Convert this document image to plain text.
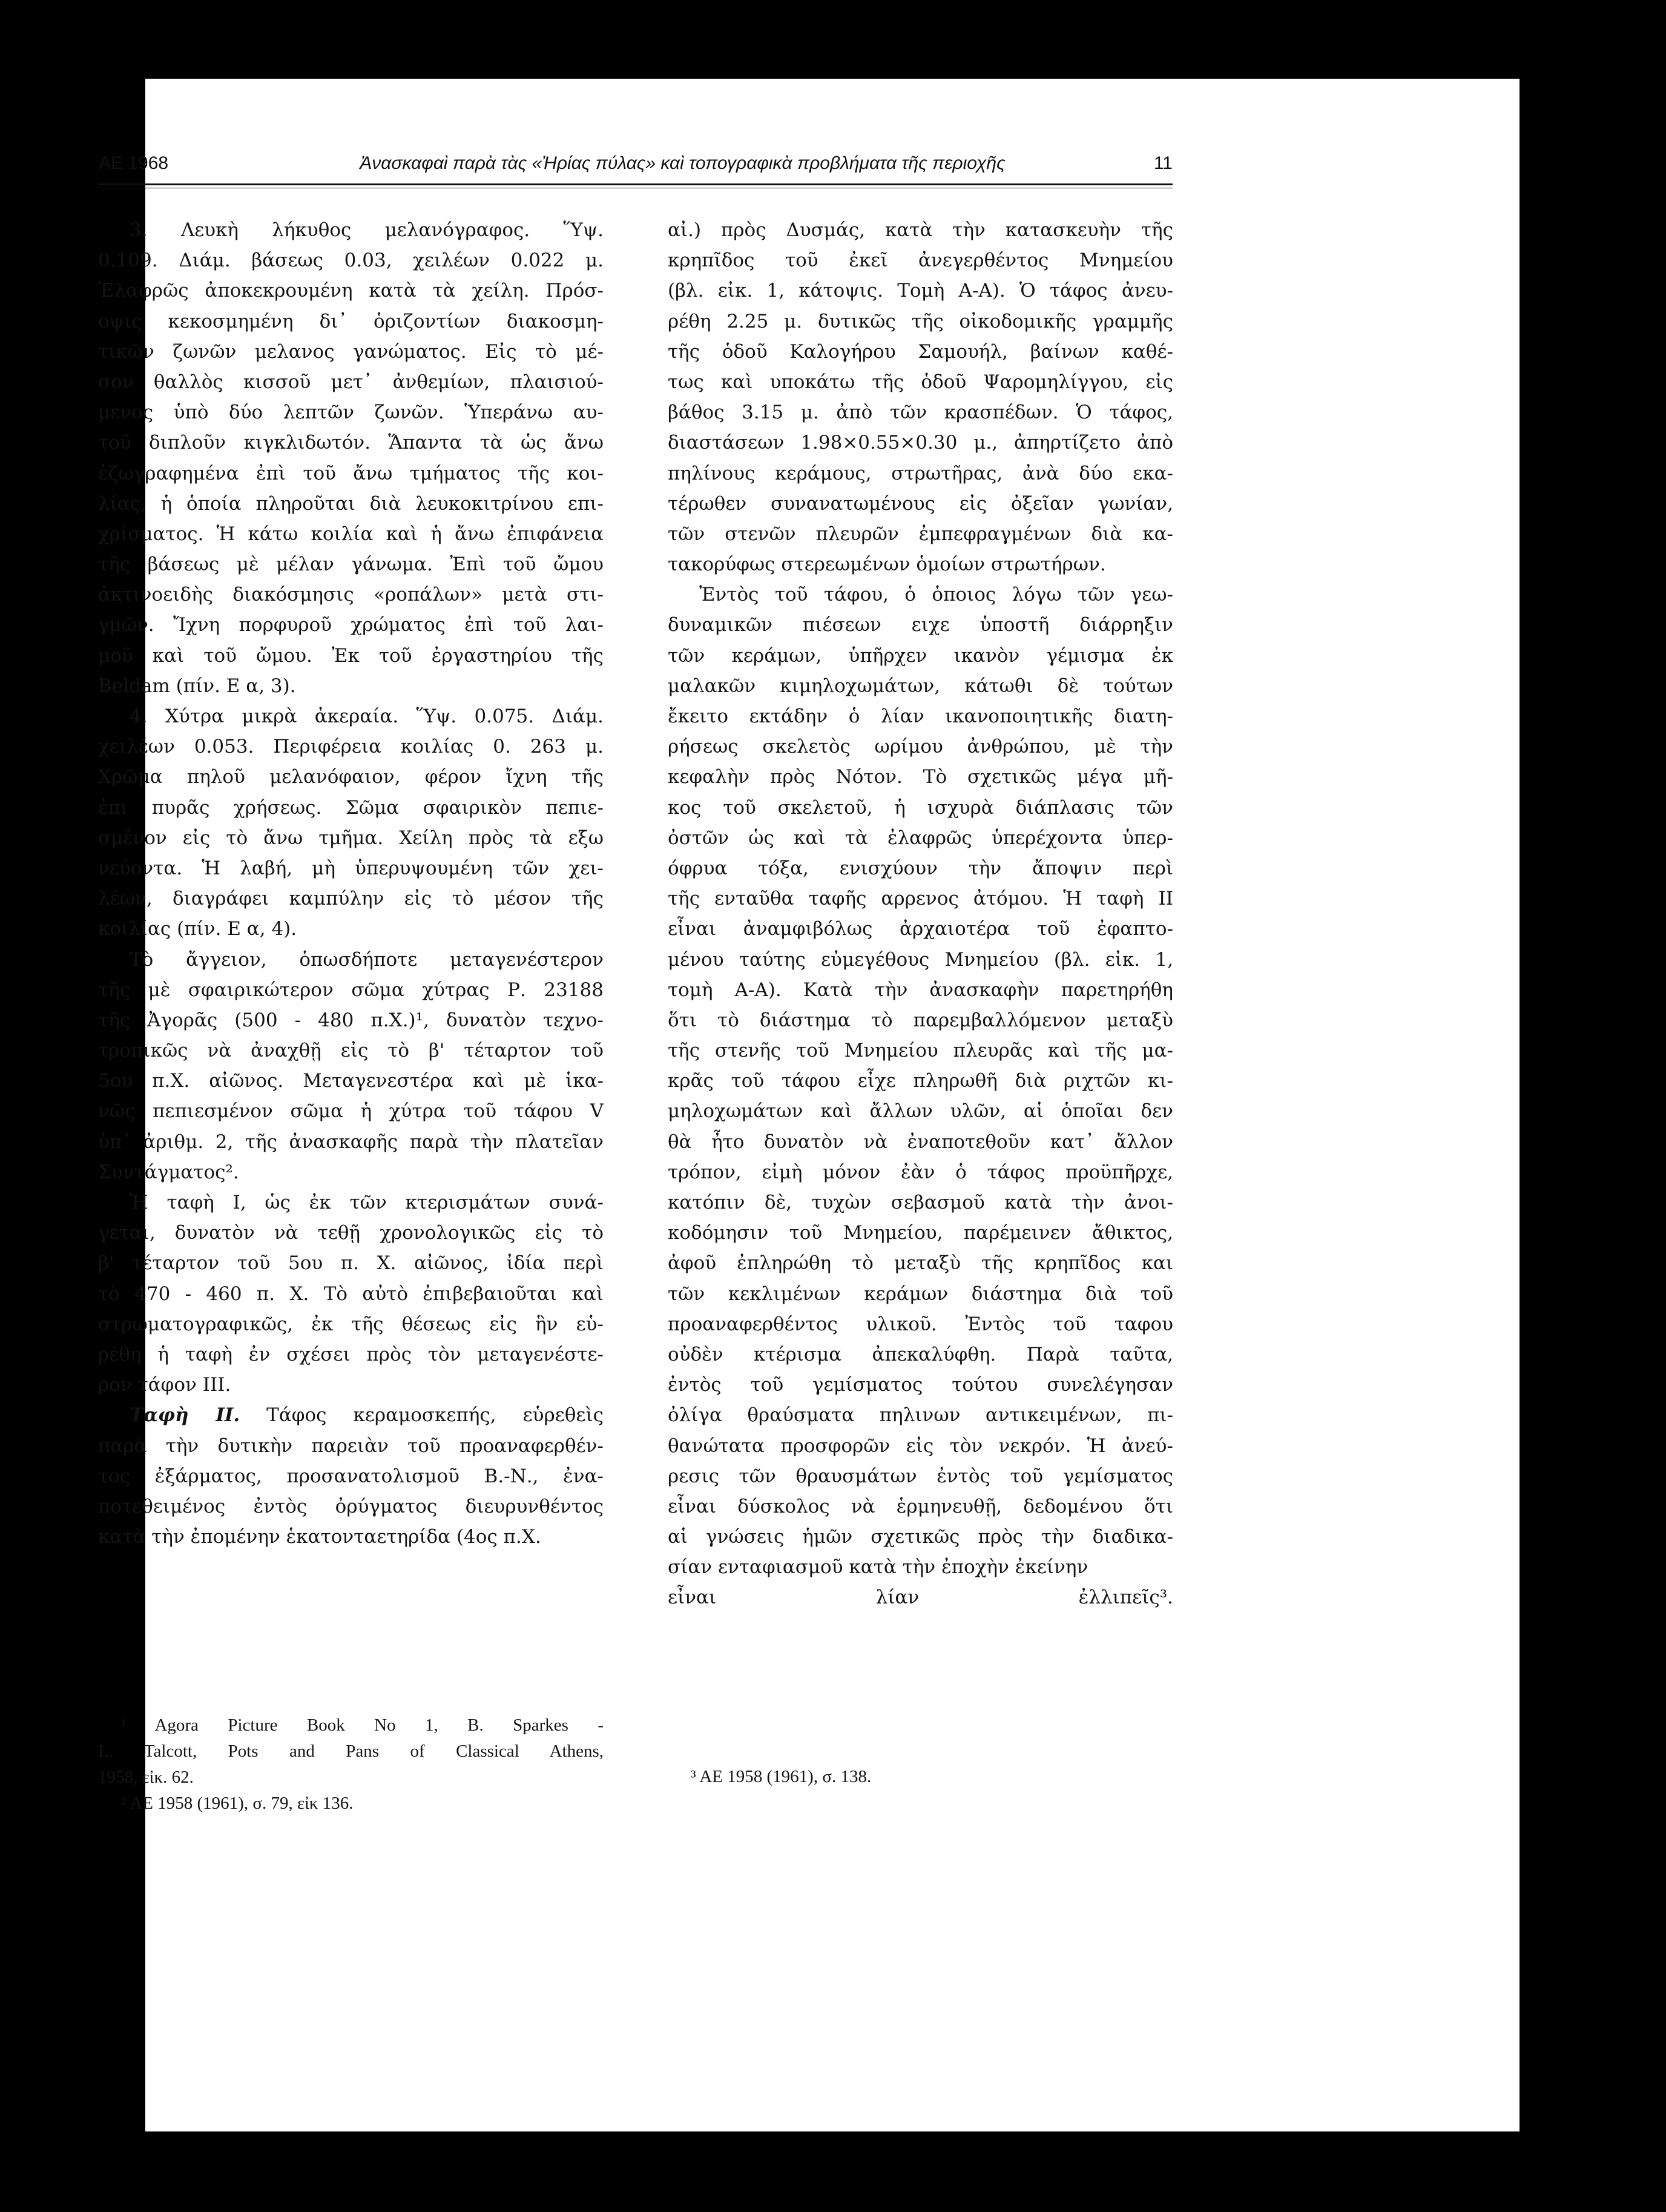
ΑΕ 1968	Ἀνασκαφαὶ παρὰ τὰς «Ἠρίας πύλας» καὶ τοπογραφικὰ προβλήματα τῆς περιοχῆς	11
3. Λευκὴ λήκυθος μελανόγραφος. Ὕψ.
0.109. Διάμ. βάσεως 0.03, χειλέων 0.022 μ.
Ἐλαφρῶς ἀποκεκρουμένη κατὰ τὰ χείλη. Πρόσ-
οψις κεκοσμημένη δι᾿ ὁριζοντίων διακοσμη-
τικῶν ζωνῶν μελανος γανώματος. Εἰς τὸ μέ-
σον θαλλὸς κισσοῦ μετ᾿ ἀνθεμίων, πλαισιού-
μενος ὑπὸ δύο λεπτῶν ζωνῶν. Ὑπεράνω αυ-
τοῦ διπλοῦν κιγκλιδωτόν. Ἅπαντα τὰ ὡς ἄνω
ἐζωγραφημένα ἐπὶ τοῦ ἄνω τμήματος τῆς κοι-
λίας, ἡ ὁποία πληροῦται διὰ λευκοκιτρίνου επι-
χρίσματος. Ἡ κάτω κοιλία καὶ ἡ ἄνω ἐπιφάνεια
τῆς βάσεως μὲ μέλαν γάνωμα. Ἐπὶ τοῦ ὤμου
ἀκτινοειδὴς διακόσμησις «ροπάλων» μετὰ στι-
γμῶν. Ἴχνη πορφυροῦ χρώματος ἐπὶ τοῦ λαι-
μοῦ καὶ τοῦ ὤμου. Ἐκ τοῦ ἐργαστηρίου τῆς
Beldam (πίν. Ε α, 3).
4. Χύτρα μικρὰ ἀκεραία. Ὕψ. 0.075. Διάμ.
χειλέων 0.053. Περιφέρεια κοιλίας 0. 263 μ.
Χρῶμα πηλοῦ μελανόφαιον, φέρον ἴχνη τῆς
ἐπι πυρᾶς χρήσεως. Σῶμα σφαιρικὸν πεπιε-
σμένον εἰς τὸ ἄνω τμῆμα. Χείλη πρὸς τὰ εξω
νεύοντα. Ἡ λαβή, μὴ ὑπερυψουμένη τῶν χει-
λέων, διαγράφει καμπύλην εἰς τὸ μέσον τῆς
κοιλίας (πίν. Ε α, 4).
Τὸ ἄγγειον, ὁπωσδήποτε μεταγενέστερον
τῆς μὲ σφαιρικώτερον σῶμα χύτρας Ρ. 23188
τῆς Ἀγορᾶς (500 - 480 π.Χ.)¹, δυνατὸν τεχνο-
τροπικῶς νὰ ἀναχθῇ εἰς τὸ β' τέταρτον τοῦ
5ου π.Χ. αἰῶνος. Μεταγενεστέρα καὶ μὲ ἱκα-
νῶς πεπιεσμένον σῶμα ἡ χύτρα τοῦ τάφου V
ὑπ᾿ ἀριθμ. 2, τῆς ἀνασκαφῆς παρὰ τὴν πλατεῖαν
Συντάγματος².
Ἡ ταφὴ Ι, ὡς ἐκ τῶν κτερισμάτων συνά-
γεται, δυνατὸν νὰ τεθῇ χρονολογικῶς εἰς τὸ
β' τέταρτον τοῦ 5ου π. Χ. αἰῶνος, ἰδία περὶ
τὸ 470 - 460 π. Χ. Τὸ αὐτὸ ἐπιβεβαιοῦται καὶ
στρωματογραφικῶς, ἐκ τῆς θέσεως εἰς ἣν εὑ-
ρέθη ἡ ταφὴ ἐν σχέσει πρὸς τὸν μεταγενέστε-
ρον τάφον ΙΙΙ.
Ταφὴ ΙΙ. Τάφος κεραμοσκεπής, εὑρεθεὶς
παρὰ τὴν δυτικὴν παρειὰν τοῦ προαναφερθέν-
τος ἐξάρματος, προσανατολισμοῦ Β.-Ν., ἐνα-
ποτεθειμένος ἐντὸς ὀρύγματος διευρυνθέντος
κατὰ τὴν ἐπομένην ἑκατονταετηρίδα (4ος π.Χ.
αἰ.) πρὸς Δυσμάς, κατὰ τὴν κατασκευὴν τῆς
κρηπῖδος τοῦ ἐκεῖ ἀνεγερθέντος Μνημείου
(βλ. εἰκ. 1, κάτοψις. Τομὴ Α-Α). Ὁ τάφος ἀνευ-
ρέθη 2.25 μ. δυτικῶς τῆς οἰκοδομικῆς γραμμῆς
τῆς ὁδοῦ Καλογήρου Σαμουήλ, βαίνων καθέ-
τως καὶ υποκάτω τῆς ὁδοῦ Ψαρομηλίγγου, εἰς
βάθος 3.15 μ. ἀπὸ τῶν κρασπέδων. Ὁ τάφος,
διαστάσεων 1.98×0.55×0.30 μ., ἀπηρτίζετο ἀπὸ
πηλίνους κεράμους, στρωτῆρας, ἀνὰ δύο εκα-
τέρωθεν συνανατωμένους εἰς ὀξεῖαν γωνίαν,
τῶν στενῶν πλευρῶν ἐμπεφραγμένων διὰ κα-
τακορύφως στερεωμένων ὁμοίων στρωτήρων.
Ἐντὸς τοῦ τάφου, ὁ ὁποιος λόγω τῶν γεω-
δυναμικῶν πιέσεων ειχε ὑποστῆ διάρρηξιν
τῶν κεράμων, ὑπῆρχεν ικανὸν γέμισμα ἐκ
μαλακῶν κιμηλοχωμάτων, κάτωθι δὲ τούτων
ἔκειτο εκτάδην ὁ λίαν ικανοποιητικῆς διατη-
ρήσεως σκελετὸς ωρίμου ἀνθρώπου, μὲ τὴν
κεφαλὴν πρὸς Νότον. Τὸ σχετικῶς μέγα μῆ-
κος τοῦ σκελετοῦ, ἡ ισχυρὰ διάπλασις τῶν
ὀστῶν ὡς καὶ τὰ ἐλαφρῶς ὑπερέχοντα ὑπερ-
όφρυα τόξα, ενισχύουν τὴν ἄποψιν περὶ
τῆς ενταῦθα ταφῆς αρρενος ἀτόμου. Ἡ ταφὴ ΙΙ
εἶναι ἀναμφιβόλως ἀρχαιοτέρα τοῦ ἐφαπτο-
μένου ταύτης εὐμεγέθους Μνημείου (βλ. εἰκ. 1,
τομὴ Α-Α). Κατὰ τὴν ἀνασκαφὴν παρετηρήθη
ὅτι τὸ διάστημα τὸ παρεμβαλλόμενον μεταξὺ
τῆς στενῆς τοῦ Μνημείου πλευρᾶς καὶ τῆς μα-
κρᾶς τοῦ τάφου εἶχε πληρωθῆ διὰ ριχτῶν κι-
μηλοχωμάτων καὶ ἄλλων υλῶν, αἱ ὁποῖαι δεν
θὰ ἦτο δυνατὸν νὰ ἐναποτεθοῦν κατ᾿ ἄλλον
τρόπον, εἰμὴ μόνον ἐὰν ὁ τάφος προϋπῆρχε,
κατόπιν δὲ, τυχὼν σεβασμοῦ κατὰ τὴν ἀνοι-
κοδόμησιν τοῦ Μνημείου, παρέμεινεν ἄθικτος,
ἀφοῦ ἐπληρώθη τὸ μεταξὺ τῆς κρηπῖδος και
τῶν κεκλιμένων κεράμων διάστημα διὰ τοῦ
προαναφερθέντος υλικοῦ. Ἐντὸς τοῦ ταφου
οὐδὲν κτέρισμα ἀπεκαλύφθη. Παρὰ ταῦτα,
ἐντὸς τοῦ γεμίσματος τούτου συνελέγησαν
ὀλίγα θραύσματα πηλινων αντικειμένων, πι-
θανώτατα προσφορῶν εἰς τὸν νεκρόν. Ἡ ἀνεύ-
ρεσις τῶν θραυσμάτων ἐντὸς τοῦ γεμίσματος
εἶναι δύσκολος νὰ ἑρμηνευθῇ, δεδομένου ὅτι
αἱ γνώσεις ἡμῶν σχετικῶς πρὸς τὴν διαδικα-
σίαν ενταφιασμοῦ κατὰ τὴν ἐποχὴν ἐκείνην
εἶναι λίαν ἐλλιπεῖς³.
¹ Agora Picture Book No 1, B. Sparkes -
L. Talcott, Pots and Pans of Classical Athens,
1958, εἰκ. 62.
² AE 1958 (1961), σ. 79, εἰκ 136.
³ AE 1958 (1961), σ. 138.
